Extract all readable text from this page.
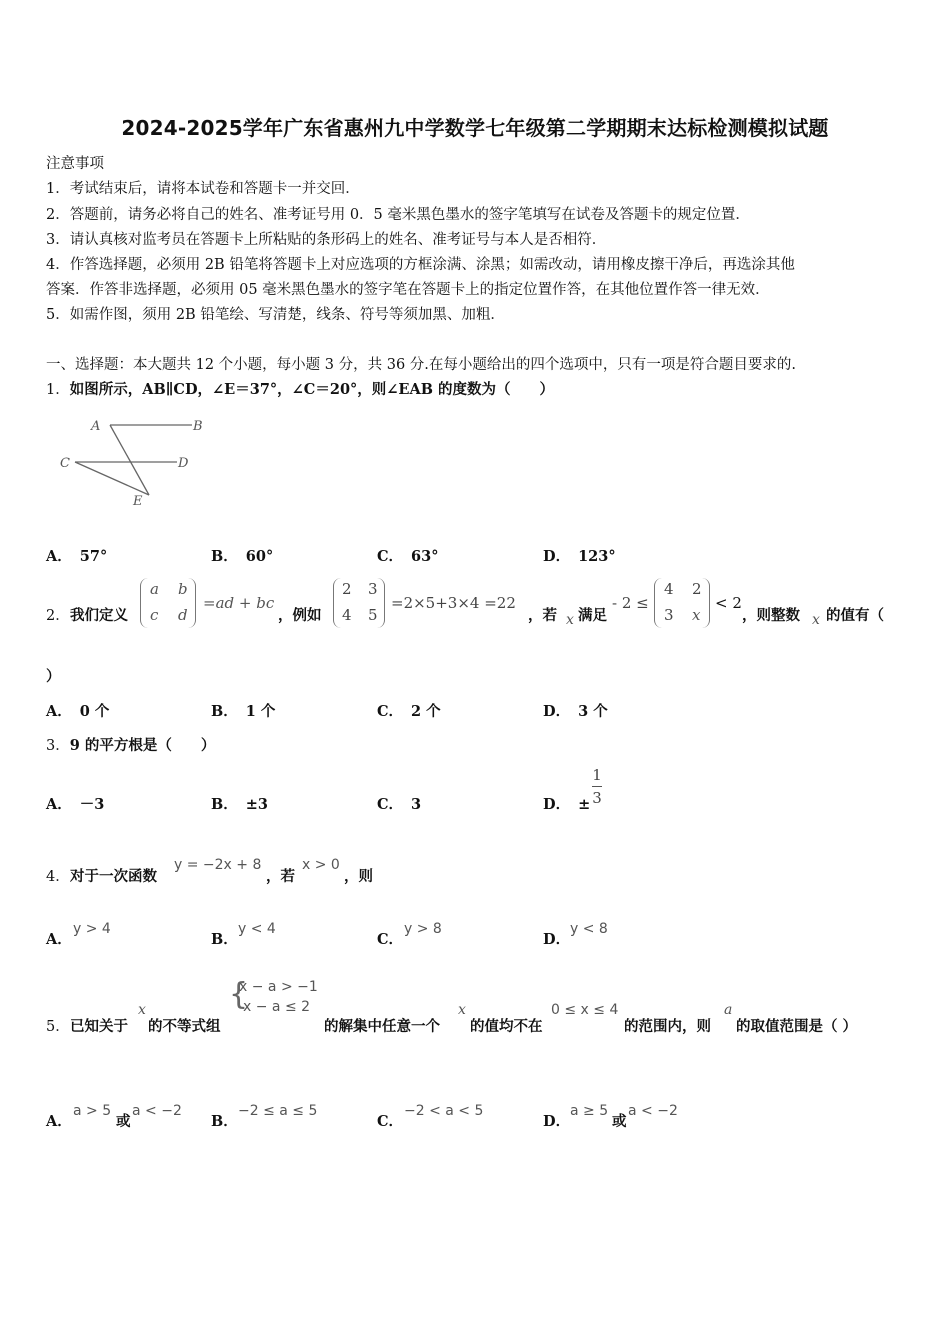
2024-2025学年广东省惠州九中学数学七年级第二学期期末达标检测模拟试题
注意事项
1．考试结束后，请将本试卷和答题卡一并交回．
2．答题前，请务必将自己的姓名、准考证号用 0．5 毫米黑色墨水的签字笔填写在试卷及答题卡的规定位置．
3．请认真核对监考员在答题卡上所粘贴的条形码上的姓名、准考证号与本人是否相符．
4．作答选择题，必须用 2B 铅笔将答题卡上对应选项的方框涂满、涂黑；如需改动，请用橡皮擦干净后，再选涂其他
答案．作答非选择题，必须用 05 毫米黑色墨水的签字笔在答题卡上的指定位置作答，在其他位置作答一律无效．
5．如需作图，须用 2B 铅笔绘、写清楚，线条、符号等须加黑、加粗．
一、选择题：本大题共 12 个小题，每小题 3 分，共 36 分.在每小题给出的四个选项中，只有一项是符合题目要求的.
1．如图所示，AB∥CD，∠E＝37°，∠C＝20°，则∠EAB 的度数为（　　）
A	B
C	D
E
A． 57°	B． 60°	C． 63°	D． 123°
2． 我们定义
a b
c d
=ad + bc
，例如
2 3
4 5
=2×5+3×4 =22
，若 x 满足
- 2 ≤
4 2
3 x
< 2
，则整数 x 的值有（
）
A． 0 个	B． 1 个	C． 2 个	D． 3 个
3．9 的平方根是（　　）
A． －3	B． ±3	C． 3	D． ±
1
3
4． 对于一次函数
y = −2x + 8
，若
x > 0
，则
A．
y > 4
B．
y < 4
C．
y > 8
D．
y < 8
5． 已知关于
x
的不等式组
{
x − a > −1
x − a ≤ 2
的解集中任意一个
x
的值均不在
0 ≤ x ≤ 4
的范围内，则
a
的取值范围是（ ）
A．
a > 5
或
a < −2
B．
−2 ≤ a ≤ 5
C．
−2 < a < 5
D．
a ≥ 5
或
a < −2
